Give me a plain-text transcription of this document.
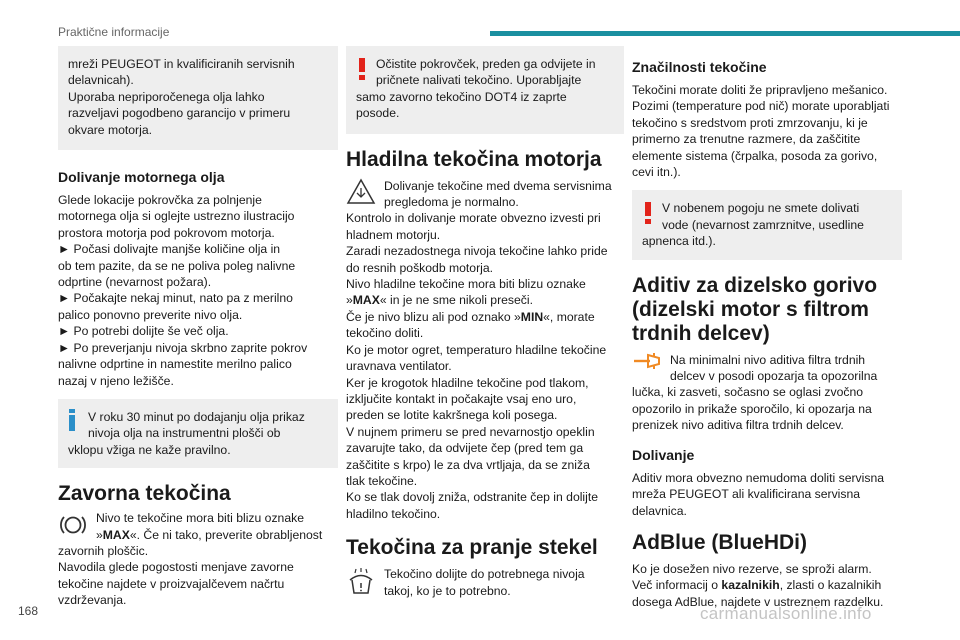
Praktične informacije

mreži PEUGEOT in kvalificiranih servisnih

delavnicah).

Uporaba nepriporočenega olja lahko

razveljavi pogodbeno garancijo v primeru

okvare motorja.

Dolivanje motornega olja

Glede lokacije pokrovčka za polnjenje

motornega olja si oglejte ustrezno ilustracijo

prostora motorja pod pokrovom motorja.

► Počasi dolivajte manjše količine olja in

ob tem pazite, da se ne poliva poleg nalivne

odprtine (nevarnost požara).

► Počakajte nekaj minut, nato pa z merilno

palico ponovno preverite nivo olja.

► Po potrebi dolijte še več olja.

► Po preverjanju nivoja skrbno zaprite pokrov

nalivne odprtine in namestite merilno palico

nazaj v njeno ležišče.

V roku 30 minut po dodajanju olja prikaz

nivoja olja na instrumentni plošči ob

vklopu vžiga ne kaže pravilno.

Zavorna tekočina

Nivo te tekočine mora biti blizu oznake

»MAX«. Če ni tako, preverite obrabljenost

zavornih ploščic.

Navodila glede pogostosti menjave zavorne

tekočine najdete v proizvajalčevem načrtu

vzdrževanja.

Očistite pokrovček, preden ga odvijete in

pričnete nalivati tekočino. Uporabljajte

samo zavorno tekočino DOT4 iz zaprte

posode.

Hladilna tekočina motorja

Dolivanje tekočine med dvema servisnima

pregledoma je normalno.

Kontrolo in dolivanje morate obvezno izvesti pri

hladnem motorju.

Zaradi nezadostnega nivoja tekočine lahko pride

do resnih poškodb motorja.

Nivo hladilne tekočine mora biti blizu oznake

»MAX« in je ne sme nikoli preseči.

Če je nivo blizu ali pod oznako »MIN«, morate

tekočino doliti.

Ko je motor ogret, temperaturo hladilne tekočine

uravnava ventilator.

Ker je krogotok hladilne tekočine pod tlakom,

izključite kontakt in počakajte vsaj eno uro,

preden se lotite kakršnega koli posega.

V nujnem primeru se pred nevarnostjo opeklin

zavarujte tako, da odvijete čep (pred tem ga

zaščitite s krpo) le za dva vrtljaja, da se zniža

tlak tekočine.

Ko se tlak dovolj zniža, odstranite čep in dolijte

hladilno tekočino.

Tekočina za pranje stekel

Tekočino dolijte do potrebnega nivoja

takoj, ko je to potrebno.

Značilnosti tekočine

Tekočini morate doliti že pripravljeno mešanico.

Pozimi (temperature pod nič) morate uporabljati

tekočino s sredstvom proti zmrzovanju, ki je

primerno za trenutne razmere, da zaščitite

elemente sistema (črpalka, posoda za gorivo,

cevi itn.).

V nobenem pogoju ne smete dolivati

vode (nevarnost zamrznitve, usedline

apnenca itd.).

Aditiv za dizelsko gorivo
(dizelski motor s filtrom
trdnih delcev)

Na minimalni nivo aditiva filtra trdnih

delcev v posodi opozarja ta opozorilna

lučka, ki zasveti, sočasno se oglasi zvočno

opozorilo in prikaže sporočilo, ki opozarja na

prenizek nivo aditiva filtra trdnih delcev.

Dolivanje

Aditiv mora obvezno nemudoma doliti servisna

mreža PEUGEOT ali kvalificirana servisna

delavnica.

AdBlue (BlueHDi)

Ko je dosežen nivo rezerve, se sproži alarm.

Več informacij o kazalnikih, zlasti o kazalnikih

dosega AdBlue, najdete v ustreznem razdelku.

168	carmanualsonline.info
